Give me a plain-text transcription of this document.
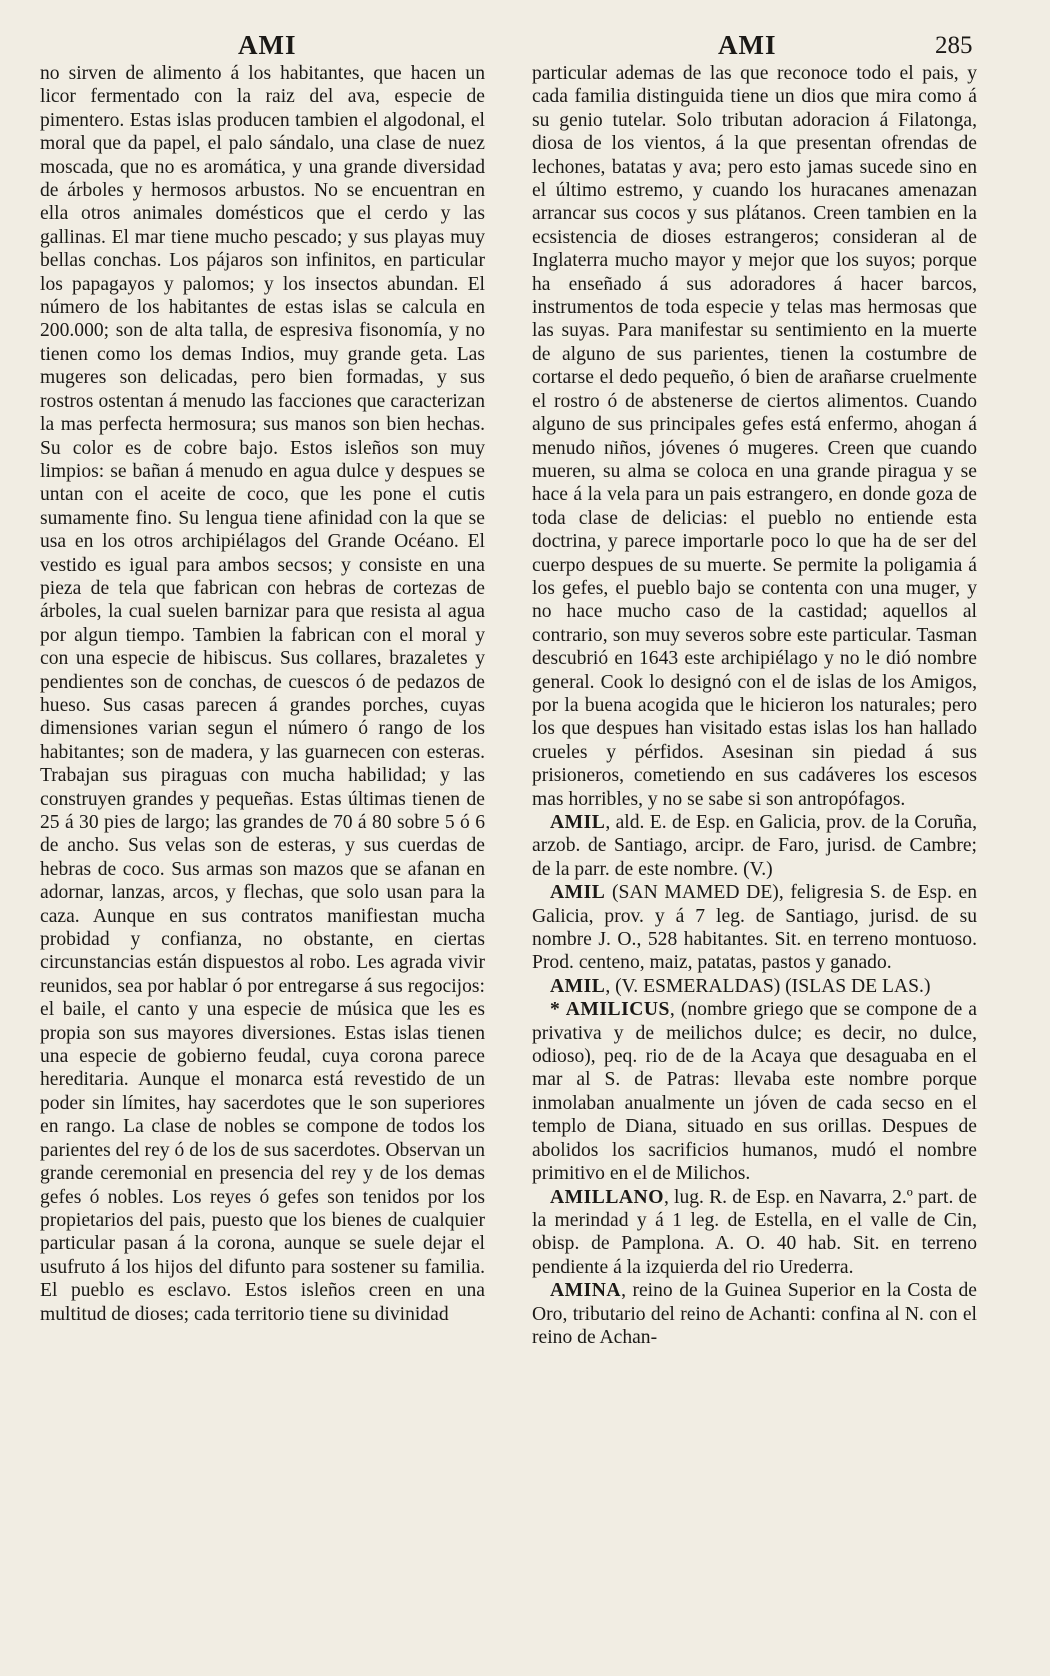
AMI	AMI	285

no sirven de alimento á los habitantes, que hacen un licor fermentado con la raiz del ava, especie de pimentero. Estas islas producen tambien el algodonal, el moral que da papel, el palo sándalo, una clase de nuez moscada, que no es aromática, y una grande diversidad de árboles y hermosos arbustos. No se encuentran en ella otros animales domésticos que el cerdo y las gallinas. El mar tiene mucho pescado; y sus playas muy bellas conchas. Los pájaros son infinitos, en particular los papagayos y palomos; y los insectos abundan. El número de los habitantes de estas islas se calcula en 200.000; son de alta talla, de espresiva fisonomía, y no tienen como los demas Indios, muy grande geta. Las mugeres son delicadas, pero bien formadas, y sus rostros ostentan á menudo las facciones que caracterizan la mas perfecta hermosura; sus manos son bien hechas. Su color es de cobre bajo. Estos isleños son muy limpios: se bañan á menudo en agua dulce y despues se untan con el aceite de coco, que les pone el cutis sumamente fino. Su lengua tiene afinidad con la que se usa en los otros archipiélagos del Grande Océano. El vestido es igual para ambos secsos; y consiste en una pieza de tela que fabrican con hebras de cortezas de árboles, la cual suelen barnizar para que resista al agua por algun tiempo. Tambien la fabrican con el moral y con una especie de hibiscus. Sus collares, brazaletes y pendientes son de conchas, de cuescos ó de pedazos de hueso. Sus casas parecen á grandes porches, cuyas dimensiones varian segun el número ó rango de los habitantes; son de madera, y las guarnecen con esteras. Trabajan sus piraguas con mucha habilidad; y las construyen grandes y pequeñas. Estas últimas tienen de 25 á 30 pies de largo; las grandes de 70 á 80 sobre 5 ó 6 de ancho. Sus velas son de esteras, y sus cuerdas de hebras de coco. Sus armas son mazos que se afanan en adornar, lanzas, arcos, y flechas, que solo usan para la caza. Aunque en sus contratos manifiestan mucha probidad y confianza, no obstante, en ciertas circunstancias están dispuestos al robo. Les agrada vivir reunidos, sea por hablar ó por entregarse á sus regocijos: el baile, el canto y una especie de música que les es propia son sus mayores diversiones. Estas islas tienen una especie de gobierno feudal, cuya corona parece hereditaria. Aunque el monarca está revestido de un poder sin límites, hay sacerdotes que le son superiores en rango. La clase de nobles se compone de todos los parientes del rey ó de los de sus sacerdotes. Observan un grande ceremonial en presencia del rey y de los demas gefes ó nobles. Los reyes ó gefes son tenidos por los propietarios del pais, puesto que los bienes de cualquier particular pasan á la corona, aunque se suele dejar el usufruto á los hijos del difunto para sostener su familia. El pueblo es esclavo. Estos isleños creen en una multitud de dioses; cada territorio tiene su divinidad

particular ademas de las que reconoce todo el pais, y cada familia distinguida tiene un dios que mira como á su genio tutelar. Solo tributan adoracion á Filatonga, diosa de los vientos, á la que presentan ofrendas de lechones, batatas y ava; pero esto jamas sucede sino en el último estremo, y cuando los huracanes amenazan arrancar sus cocos y sus plátanos. Creen tambien en la ecsistencia de dioses estrangeros; consideran al de Inglaterra mucho mayor y mejor que los suyos; porque ha enseñado á sus adoradores á hacer barcos, instrumentos de toda especie y telas mas hermosas que las suyas. Para manifestar su sentimiento en la muerte de alguno de sus parientes, tienen la costumbre de cortarse el dedo pequeño, ó bien de arañarse cruelmente el rostro ó de abstenerse de ciertos alimentos. Cuando alguno de sus principales gefes está enfermo, ahogan á menudo niños, jóvenes ó mugeres. Creen que cuando mueren, su alma se coloca en una grande piragua y se hace á la vela para un pais estrangero, en donde goza de toda clase de delicias: el pueblo no entiende esta doctrina, y parece importarle poco lo que ha de ser del cuerpo despues de su muerte. Se permite la poligamia á los gefes, el pueblo bajo se contenta con una muger, y no hace mucho caso de la castidad; aquellos al contrario, son muy severos sobre este particular. Tasman descubrió en 1643 este archipiélago y no le dió nombre general. Cook lo designó con el de islas de los Amigos, por la buena acogida que le hicieron los naturales; pero los que despues han visitado estas islas los han hallado crueles y pérfidos. Asesinan sin piedad á sus prisioneros, cometiendo en sus cadáveres los escesos mas horribles, y no se sabe si son antropófagos.

AMIL, ald. E. de Esp. en Galicia, prov. de la Coruña, arzob. de Santiago, arcipr. de Faro, jurisd. de Cambre; de la parr. de este nombre. (V.)

AMIL (SAN MAMED DE), feligresia S. de Esp. en Galicia, prov. y á 7 leg. de Santiago, jurisd. de su nombre J. O., 528 habitantes. Sit. en terreno montuoso. Prod. centeno, maiz, patatas, pastos y ganado.

AMIL, (V. ESMERALDAS) (ISLAS DE LAS.)

* AMILICUS, (nombre griego que se compone de a privativa y de meilichos dulce; es decir, no dulce, odioso), peq. rio de de la Acaya que desaguaba en el mar al S. de Patras: llevaba este nombre porque inmolaban anualmente un jóven de cada secso en el templo de Diana, situado en sus orillas. Despues de abolidos los sacrificios humanos, mudó el nombre primitivo en el de Milichos.

AMILLANO, lug. R. de Esp. en Navarra, 2.º part. de la merindad y á 1 leg. de Estella, en el valle de Cin, obisp. de Pamplona. A. O. 40 hab. Sit. en terreno pendiente á la izquierda del rio Urederra.

AMINA, reino de la Guinea Superior en la Costa de Oro, tributario del reino de Achanti: confina al N. con el reino de Achan-
